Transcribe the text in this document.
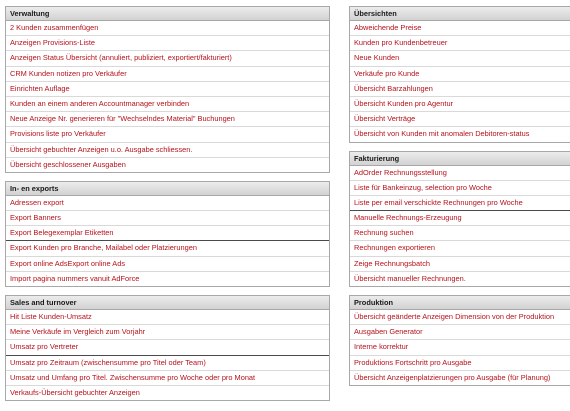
Verwaltung
2 Kunden zusammenfügen
Anzeigen Provisions-Liste
Anzeigen Status Übersicht (annuliert, publiziert, exportiert/fakturiert)
CRM Kunden notizen pro Verkäufer
Einrichten Auflage
Kunden an einem anderen Accountmanager verbinden
Neue Anzeige Nr. generieren für "Wechselndes Material" Buchungen
Provisions liste pro Verkäufer
Übersicht gebuchter Anzeigen u.o. Ausgabe schliessen.
Übersicht geschlossener Ausgaben
In- en exports
Adressen export
Export Banners
Export Belegexemplar Etiketten
Export Kunden pro Branche, Mailabel oder Platzierungen
Export online AdsExport online Ads
Import pagina nummers vanuit AdForce
Sales and turnover
Hit Liste Kunden-Umsatz
Meine Verkäufe im Vergleich zum Vorjahr
Umsatz pro Vertreter
Umsatz pro Zeitraum (zwischensumme pro Titel oder Team)
Umsatz und Umfang pro Titel. Zwischensumme pro Woche oder pro Monat
Verkaufs-Übersicht gebuchter Anzeigen
Übersichten
Abweichende Preise
Kunden pro Kundenbetreuer
Neue Kunden
Verkäufe pro Kunde
Übersicht Barzahlungen
Übersicht Kunden pro Agentur
Übersicht Verträge
Übersicht von Kunden mit anomalen Debitoren-status
Fakturierung
AdOrder Rechnungsstellung
Liste für Bankeinzug, selection pro Woche
Liste per email verschickte Rechnungen pro Woche
Manuelle Rechnungs-Erzeugung
Rechnung suchen
Rechnungen exportieren
Zeige Rechnungsbatch
Übersicht manueller Rechnungen.
Produktion
Übersicht geänderte Anzeigen Dimension von der Produktion
Ausgaben Generator
Interne korrektur
Produktions Fortschritt pro Ausgabe
Übersicht Anzeigenplatzierungen pro Ausgabe (für Planung)
